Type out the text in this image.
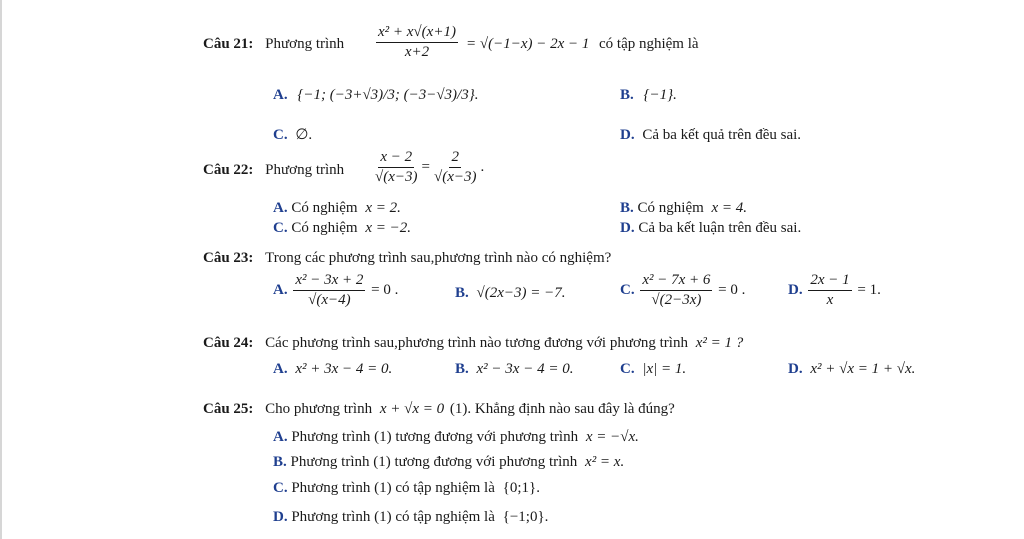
Câu 21: Phương trình $\frac{\text{x² + x√(x+1)}}{x+2} = √(-1-x) - 2x - 1$ có tập nghiệm là
A. {−1; (−3+√3)/3; (−3−√3)/3}.	B. {−1}.
C. ∅.	D. Cả ba kết quả trên đều sai.
Câu 22: Phương trình $\frac{x - 2}{√(x-3)} = \frac{2}{√(x-3)}$ .
A. Có nghiệm x = 2.	B. Có nghiệm x = 4.
C. Có nghiệm x = −2.	D. Cả ba kết luận trên đều sai.
Câu 23: Trong các phương trình sau,phương trình nào có nghiệm?
A. $\frac{\text{x² − 3x + 2}}{√(x-4)} = 0$ .	B. √(2x−3) = −7.	C. $\frac{\text{x² − 7x + 6}}{√(2-3x)} = 0$ .	D. $\frac{2x - 1}{x} = 1$.
Câu 24: Các phương trình sau,phương trình nào tương đương với phương trình x² = 1 ?
A. x² + 3x − 4 = 0.	B. x² − 3x − 4 = 0.	C. |x| = 1.	D. x² + √x = 1 + √x.
Câu 25: Cho phương trình x + √x = 0 (1). Khẳng định nào sau đây là đúng?
A. Phương trình (1) tương đương với phương trình x = −√x.
B. Phương trình (1) tương đương với phương trình x² = x.
C. Phương trình (1) có tập nghiệm là {0;1}.
D. Phương trình (1) có tập nghiệm là {−1;0}.
